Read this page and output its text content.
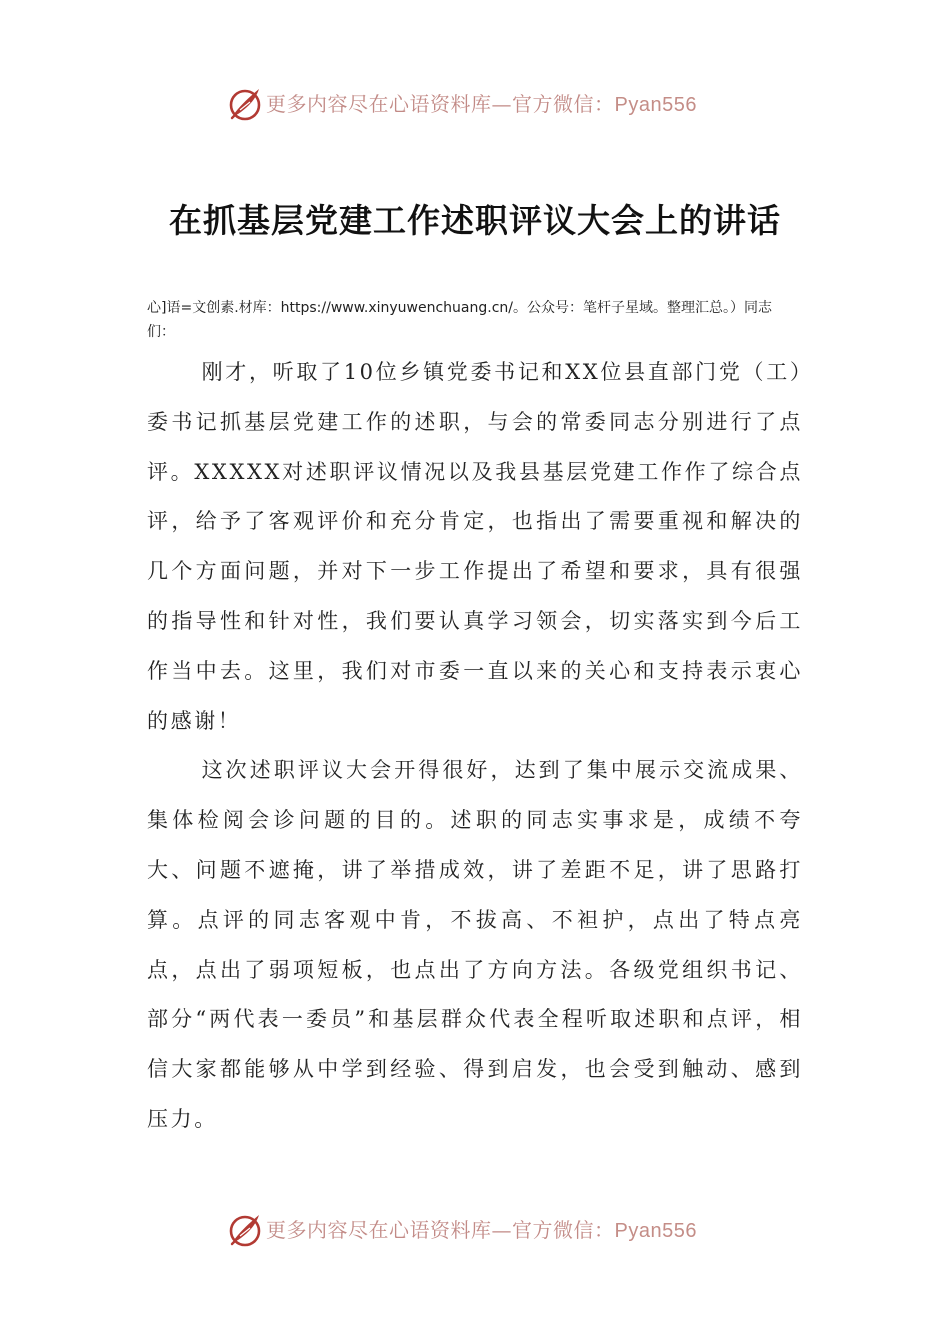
更多内容尽在心语资料库—官方微信：Pyan556
在抓基层党建工作述职评议大会上的讲话
心]语=文创素.材库：https://www.xinyuwenchuang.cn/。公众号：笔杆子星域。整理汇总。）同志们：

刚才，听取了10位乡镇党委书记和XX位县直部门党（工）委书记抓基层党建工作的述职，与会的常委同志分别进行了点评。XXXXX对述职评议情况以及我县基层党建工作作了综合点评，给予了客观评价和充分肯定，也指出了需要重视和解决的几个方面问题，并对下一步工作提出了希望和要求，具有很强的指导性和针对性，我们要认真学习领会，切实落实到今后工作当中去。这里，我们对市委一直以来的关心和支持表示衷心的感谢！

这次述职评议大会开得很好，达到了集中展示交流成果、集体检阅会诊问题的目的。述职的同志实事求是，成绩不夸大、问题不遮掩，讲了举措成效，讲了差距不足，讲了思路打算。点评的同志客观中肯，不拔高、不袒护，点出了特点亮点，点出了弱项短板，也点出了方向方法。各级党组织书记、部分“两代表一委员”和基层群众代表全程听取述职和点评，相信大家都能够从中学到经验、得到启发，也会受到触动、感到压力。

更多内容尽在心语资料库—官方微信：Pyan556
